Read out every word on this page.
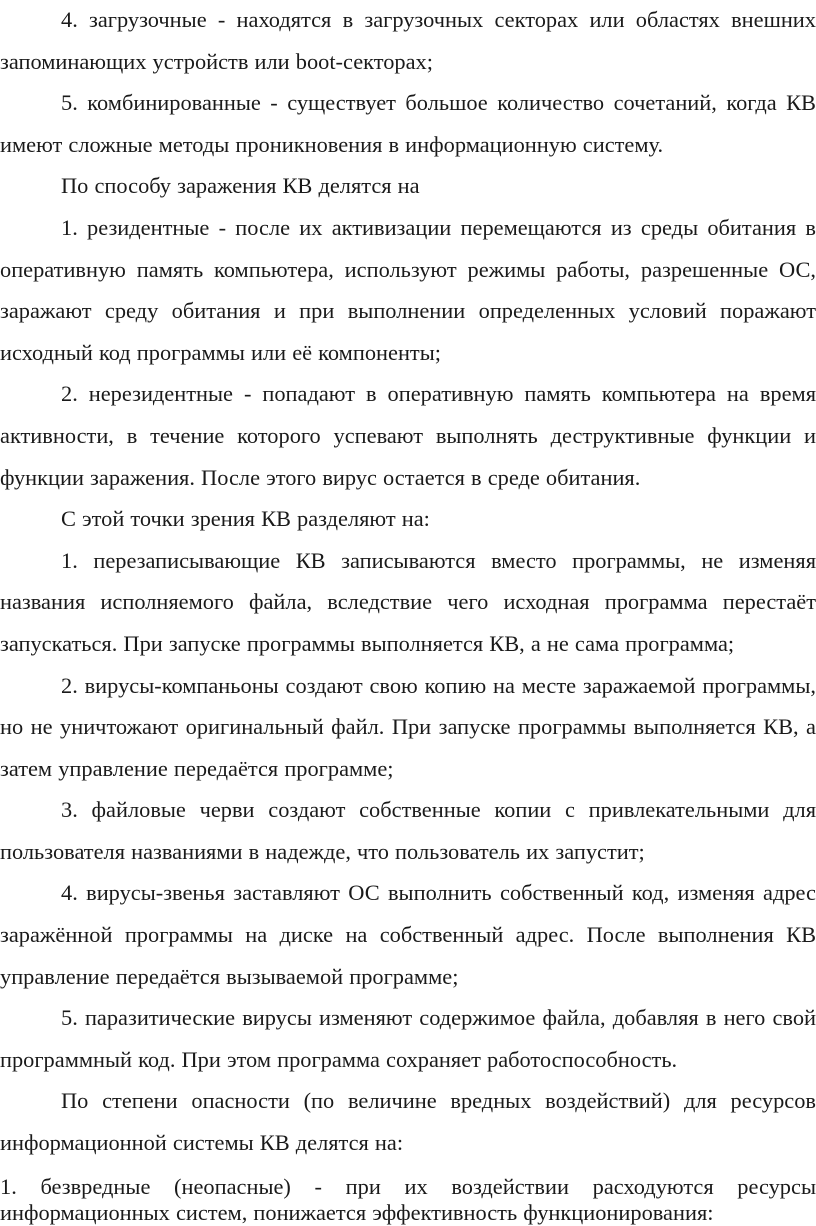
4. загрузочные - находятся в загрузочных секторах или областях внешних запоминающих устройств или boot-секторах;

5. комбинированные - существует большое количество сочетаний, когда КВ имеют сложные методы проникновения в информационную систему.

По способу заражения КВ делятся на

1. резидентные - после их активизации перемещаются из среды обитания в оперативную память компьютера, используют режимы работы, разрешенные ОС, заражают среду обитания и при выполнении определенных условий поражают исходный код программы или её компоненты;

2. нерезидентные - попадают в оперативную память компьютера на время активности, в течение которого успевают выполнять деструктивные функции и функции заражения. После этого вирус остается в среде обитания.

С этой точки зрения КВ разделяют на:

1. перезаписывающие КВ записываются вместо программы, не изменяя названия исполняемого файла, вследствие чего исходная программа перестаёт запускаться. При запуске программы выполняется КВ, а не сама программа;

2. вирусы-компаньоны создают свою копию на месте заражаемой программы, но не уничтожают оригинальный файл. При запуске программы выполняется КВ, а затем управление передаётся программе;

3. файловые черви создают собственные копии с привлекательными для пользователя названиями в надежде, что пользователь их запустит;

4. вирусы-звенья заставляют ОС выполнить собственный код, изменяя адрес заражённой программы на диске на собственный адрес. После выполнения КВ управление передаётся вызываемой программе;

5. паразитические вирусы изменяют содержимое файла, добавляя в него свой программный код. При этом программа сохраняет работоспособность.

По степени опасности (по величине вредных воздействий) для ресурсов информационной системы КВ делятся на:

1. безвредные (неопасные) - при их воздействии расходуются ресурсы информационных систем, понижается эффективность функционирования:
